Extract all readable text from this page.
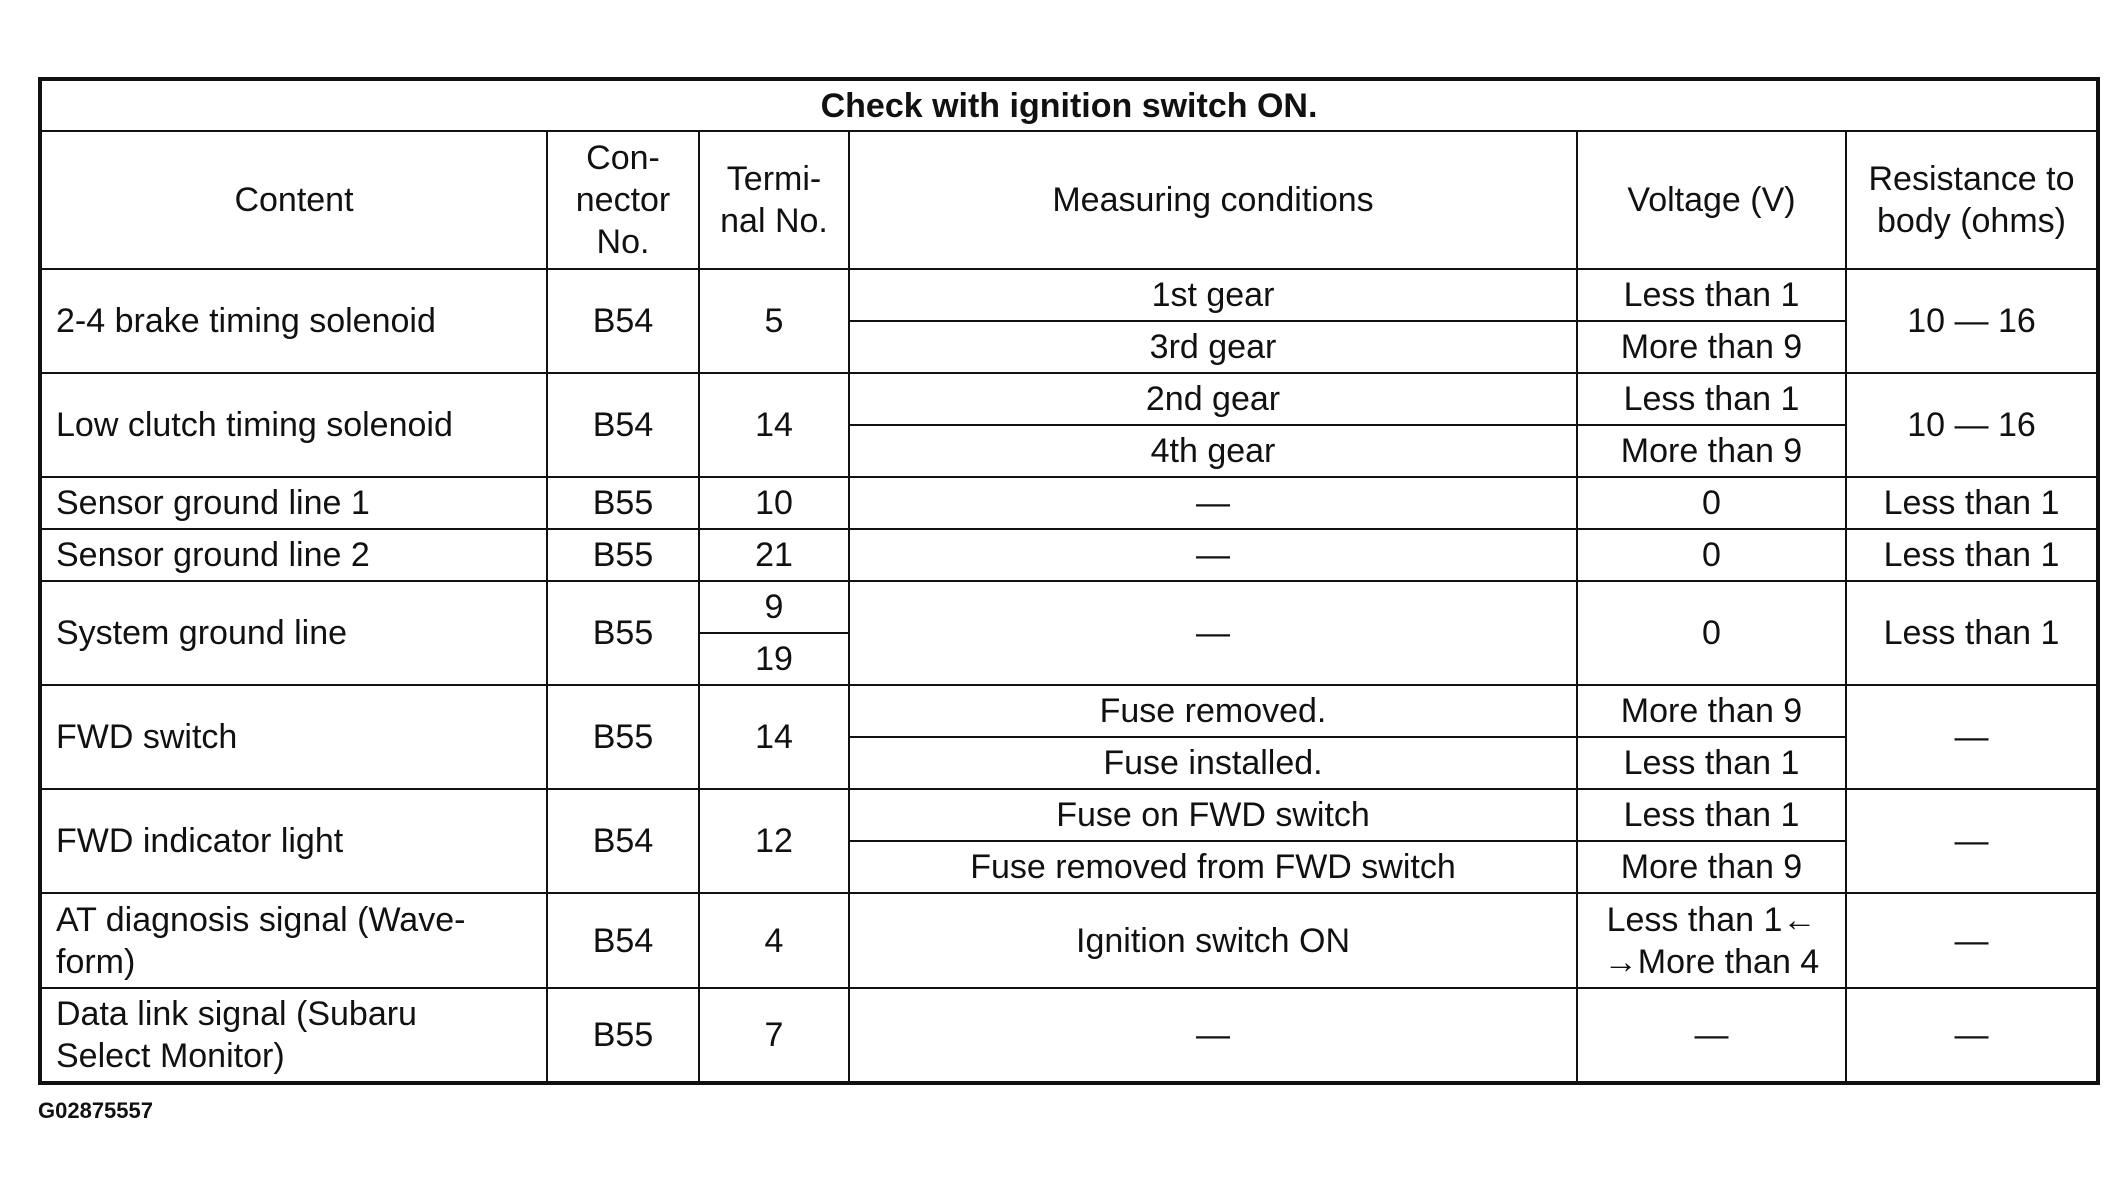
Check with ignition switch ON.					
Content	Con-
nector
No.	Termi-
nal No.	Measuring conditions	Voltage (V)	Resistance to
body (ohms)

2-4 brake timing solenoid	B54	5	1st gear	Less than 1	10 — 16
			3rd gear	More than 9	
Low clutch timing solenoid	B54	14	2nd gear	Less than 1	10 — 16
			4th gear	More than 9	
Sensor ground line 1	B55	10	—	0	Less than 1
Sensor ground line 2	B55	21	—	0	Less than 1
System ground line	B55	9	—	0	Less than 1
		19			
FWD switch	B55	14	Fuse removed.	More than 9	—
			Fuse installed.	Less than 1	
FWD indicator light	B54	12	Fuse on FWD switch	Less than 1	—
			Fuse removed from FWD switch	More than 9	

AT diagnosis signal (Wave-
form)	B54	4	Ignition switch ON	Less than 1←
→More than 4	—

Data link signal (Subaru
Select Monitor)	B55	7	—	—	—
G02875557
